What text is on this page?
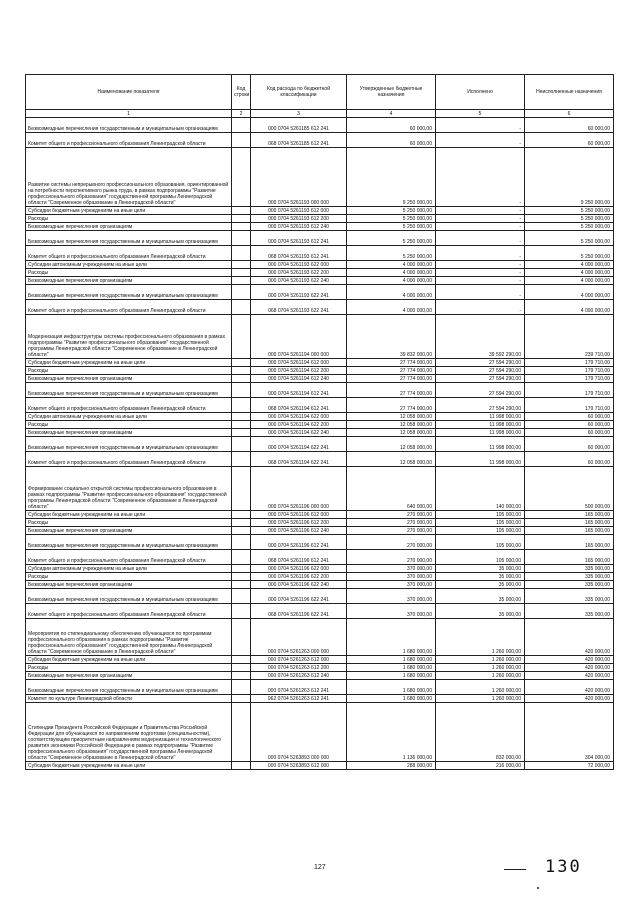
Наименование показателя	Код строки	Код расхода по бюджетной классификации	Утвержденные бюджетные назначения	Исполнено	Неисполненные назначения
1	2	3	4	5	6
Безвозмездные перечисления государственным и муниципальным организациям		000 0704 5261185 612 241	60 000,00	-	60 000,00
Комитет общего и профессионального образования Ленинградской области		068 0704 5261185 612 241	60 000,00	-	60 000,00
Развитие системы непрерывного профессионального образования, ориентированной на потребности перспективного рынка труда, в рамках подпрограммы "Развитие профессионального образования" государственной программы Ленинградской области "Современное образование в Ленинградской области"		000 0704 5261193 000 000	9 250 000,00	-	9 250 000,00
Субсидии бюджетным учреждениям на иные цели		000 0704 5261193 612 000	5 250 000,00	-	5 250 000,00
Расходы		000 0704 5261193 612 200	5 250 000,00	-	5 250 000,00
Безвозмездные перечисления организациям		000 0704 5261193 612 240	5 250 000,00	-	5 250 000,00
Безвозмездные перечисления государственным и муниципальным организациям		000 0704 5261193 612 241	5 250 000,00	-	5 250 000,00
Комитет общего и профессионального образования Ленинградской области		068 0704 5261193 612 241	5 250 000,00	-	5 250 000,00
Субсидии автономным учреждениям на иные цели		000 0704 5261193 622 000	4 000 000,00	-	4 000 000,00
Расходы		000 0704 5261193 622 200	4 000 000,00	-	4 000 000,00
Безвозмездные перечисления организациям		000 0704 5261193 622 240	4 000 000,00	-	4 000 000,00
Безвозмездные перечисления государственным и муниципальным организациям		000 0704 5261193 622 241	4 000 000,00	-	4 000 000,00
Комитет общего и профессионального образования Ленинградской области		068 0704 5261193 622 241	4 000 000,00	-	4 000 000,00
Модернизация инфраструктуры системы профессионального образования в рамках подпрограммы "Развитие профессионального образования" государственной программы Ленинградской области "Современное образование в Ленинградской области"		000 0704 5261194 000 000	39 832 000,00	39 592 290,00	239 710,00
Субсидии бюджетным учреждениям на иные цели		000 0704 5261194 612 000	27 774 000,00	27 594 290,00	179 710,00
Расходы		000 0704 5261194 612 200	27 774 000,00	27 594 290,00	179 710,00
Безвозмездные перечисления организациям		000 0704 5261194 612 240	27 774 000,00	27 594 290,00	179 710,00
Безвозмездные перечисления государственным и муниципальным организациям		000 0704 5261194 612 241	27 774 000,00	27 594 290,00	179 710,00
Комитет общего и профессионального образования Ленинградской области		068 0704 5261194 612 241	27 774 000,00	27 594 290,00	179 710,00
Субсидии автономным учреждениям на иные цели		000 0704 5261194 622 000	12 058 000,00	11 998 000,00	60 000,00
Расходы		000 0704 5261194 622 200	12 058 000,00	11 998 000,00	60 000,00
Безвозмездные перечисления организациям		000 0704 5261194 622 240	12 058 000,00	11 998 000,00	60 000,00
Безвозмездные перечисления государственным и муниципальным организациям		000 0704 5261194 622 241	12 058 000,00	11 998 000,00	60 000,00
Комитет общего и профессионального образования Ленинградской области		068 0704 5261194 622 241	12 058 000,00	11 998 000,00	60 000,00
Формирование социально открытой системы профессионального образования в рамках подпрограммы "Развитие профессионального образования" государственной программы Ленинградской области "Современное образование в Ленинградской области"		000 0704 5261196 000 000	640 000,00	140 000,00	500 000,00
Субсидии бюджетным учреждениям на иные цели		000 0704 5261196 612 000	270 000,00	105 000,00	165 000,00
Расходы		000 0704 5261196 612 200	270 000,00	105 000,00	165 000,00
Безвозмездные перечисления организациям		000 0704 5261196 612 240	270 000,00	105 000,00	165 000,00
Безвозмездные перечисления государственным и муниципальным организациям		000 0704 5261196 612 241	270 000,00	105 000,00	165 000,00
Комитет общего и профессионального образования Ленинградской области		068 0704 5261196 612 241	270 000,00	105 000,00	165 000,00
Субсидии автономным учреждениям на иные цели		000 0704 5261196 622 000	370 000,00	35 000,00	335 000,00
Расходы		000 0704 5261196 622 200	370 000,00	35 000,00	335 000,00
Безвозмездные перечисления организациям		000 0704 5261196 622 240	370 000,00	35 000,00	335 000,00
Безвозмездные перечисления государственным и муниципальным организациям		000 0704 5261196 622 241	370 000,00	35 000,00	335 000,00
Комитет общего и профессионального образования Ленинградской области		068 0704 5261196 622 241	370 000,00	35 000,00	335 000,00
Мероприятия по стипендиальному обеспечению обучающихся по программам профессионального образования в рамках подпрограммы "Развитие профессионального образования" государственной программы Ленинградской области "Современное образование в Ленинградской области"		000 0704 5261263 000 000	1 680 000,00	1 260 000,00	420 000,00
Субсидии бюджетным учреждениям на иные цели		000 0704 5261263 612 000	1 680 000,00	1 260 000,00	420 000,00
Расходы		000 0704 5261263 612 200	1 680 000,00	1 260 000,00	420 000,00
Безвозмездные перечисления организациям		000 0704 5261263 612 240	1 680 000,00	1 260 000,00	420 000,00
Безвозмездные перечисления государственным и муниципальным организациям		000 0704 5261263 612 241	1 680 000,00	1 260 000,00	420 000,00
Комитет по культуре Ленинградской области		962 0704 5261263 612 241	1 680 000,00	1 260 000,00	420 000,00
Стипендии Президента Российской Федерации и Правительства Российской Федерации для обучающихся по направлениям подготовки (специальностям), соответствующим приоритетным направлениям модернизации и технологического развития экономики Российской Федерации в рамках подпрограммы "Развитие профессионального образования" государственной программы Ленинградской области "Современное образование в Ленинградской области"		000 0704 5263893 000 000	1 136 000,00	832 000,00	304 000,00
Субсидии бюджетным учреждениям на иные цели		000 0704 5263893 612 000	288 000,00	216 000,00	72 000,00
127	130
